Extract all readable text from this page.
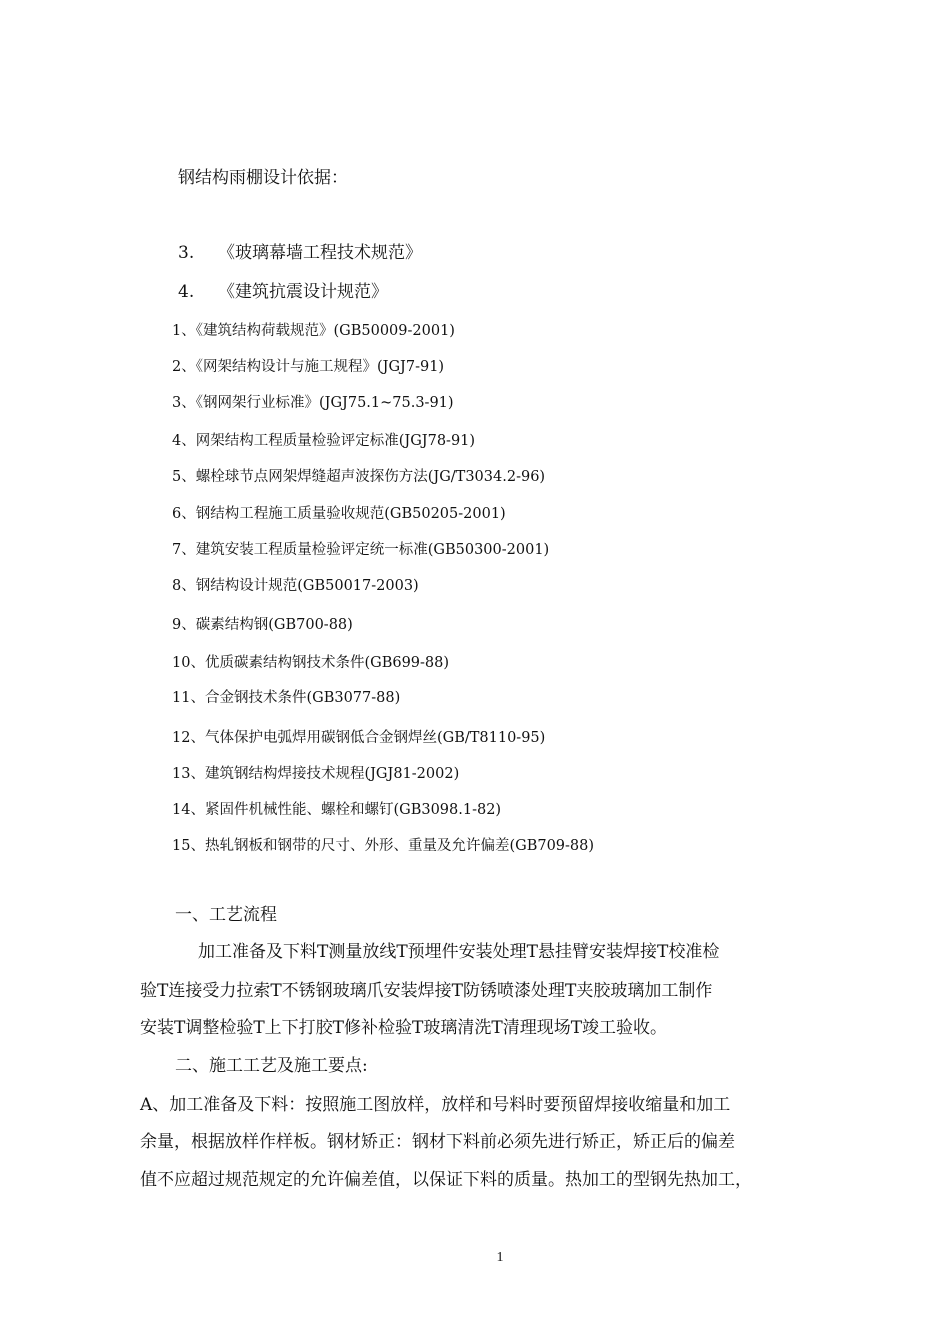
钢结构雨棚设计依据：
3. 《玻璃幕墙工程技术规范》
4. 《建筑抗震设计规范》
1、《建筑结构荷载规范》(GB50009-2001)
2、《网架结构设计与施工规程》(JGJ7-91)
3、《钢网架行业标准》(JGJ75.1~75.3-91)
4、网架结构工程质量检验评定标准(JGJ78-91)
5、螺栓球节点网架焊缝超声波探伤方法(JG/T3034.2-96)
6、钢结构工程施工质量验收规范(GB50205-2001)
7、建筑安装工程质量检验评定统一标准(GB50300-2001)
8、钢结构设计规范(GB50017-2003)
9、碳素结构钢(GB700-88)
10、优质碳素结构钢技术条件(GB699-88)
11、合金钢技术条件(GB3077-88)
12、气体保护电弧焊用碳钢低合金钢焊丝(GB/T8110-95)
13、建筑钢结构焊接技术规程(JGJ81-2002)
14、紧固件机械性能、螺栓和螺钉(GB3098.1-82)
15、热轧钢板和钢带的尺寸、外形、重量及允许偏差(GB709-88)
一、工艺流程
加工准备及下料T测量放线T预埋件安装处理T悬挂臂安装焊接T校准检
验T连接受力拉索T不锈钢玻璃爪安装焊接T防锈喷漆处理T夹胶玻璃加工制作
安装T调整检验T上下打胶T修补检验T玻璃清洗T清理现场T竣工验收。
二、施工工艺及施工要点:
A、加工准备及下料：按照施工图放样，放样和号料时要预留焊接收缩量和加工
余量，根据放样作样板。钢材矫正：钢材下料前必须先进行矫正，矫正后的偏差
值不应超过规范规定的允许偏差值，以保证下料的质量。热加工的型钢先热加工，
1
